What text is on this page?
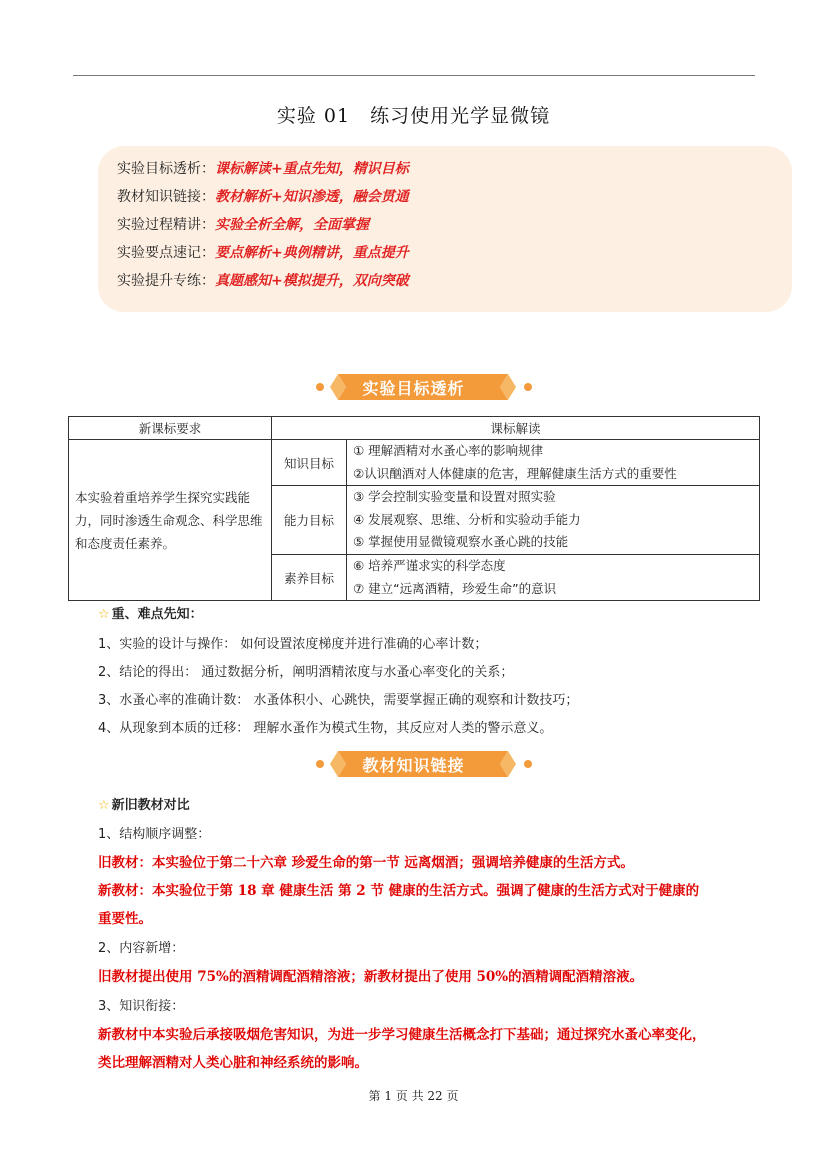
实验 01 练习使用光学显微镜
实验目标透析：课标解读+重点先知，精识目标
教材知识链接：教材解析+知识渗透，融会贯通
实验过程精讲：实验全析全解，全面掌握
实验要点速记：要点解析+典例精讲，重点提升
实验提升专练：真题感知+模拟提升，双向突破
实验目标透析
新课标要求	课标解读	
本实验着重培养学生探究实践能力，同时渗透生命观念、科学思维和态度责任素养。	知识目标	① 理解酒精对水蚤心率的影响规律
②认识酗酒对人体健康的危害，理解健康生活方式的重要性

	能力目标	③ 学会控制实验变量和设置对照实验
④ 发展观察、思维、分析和实验动手能力
⑤ 掌握使用显微镜观察水蚤心跳的技能

	素养目标	⑥ 培养严谨求实的科学态度
⑦ 建立“远离酒精，珍爱生命”的意识
☆ 重、难点先知：
1、实验的设计与操作： 如何设置浓度梯度并进行准确的心率计数；
2、结论的得出： 通过数据分析，阐明酒精浓度与水蚤心率变化的关系；
3、水蚤心率的准确计数： 水蚤体积小、心跳快，需要掌握正确的观察和计数技巧；
4、从现象到本质的迁移： 理解水蚤作为模式生物，其反应对人类的警示意义。
教材知识链接
☆ 新旧教材对比
1、结构顺序调整：
旧教材：本实验位于第二十六章 珍爱生命的第一节 远离烟酒；强调培养健康的生活方式。
新教材：本实验位于第 18 章 健康生活 第 2 节 健康的生活方式。强调了健康的生活方式对于健康的
重要性。
2、内容新增：
旧教材提出使用 75%的酒精调配酒精溶液；新教材提出了使用 50%的酒精调配酒精溶液。
3、知识衔接：
新教材中本实验后承接吸烟危害知识，为进一步学习健康生活概念打下基础；通过探究水蚤心率变化，
类比理解酒精对人类心脏和神经系统的影响。
第 1 页 共 22 页
